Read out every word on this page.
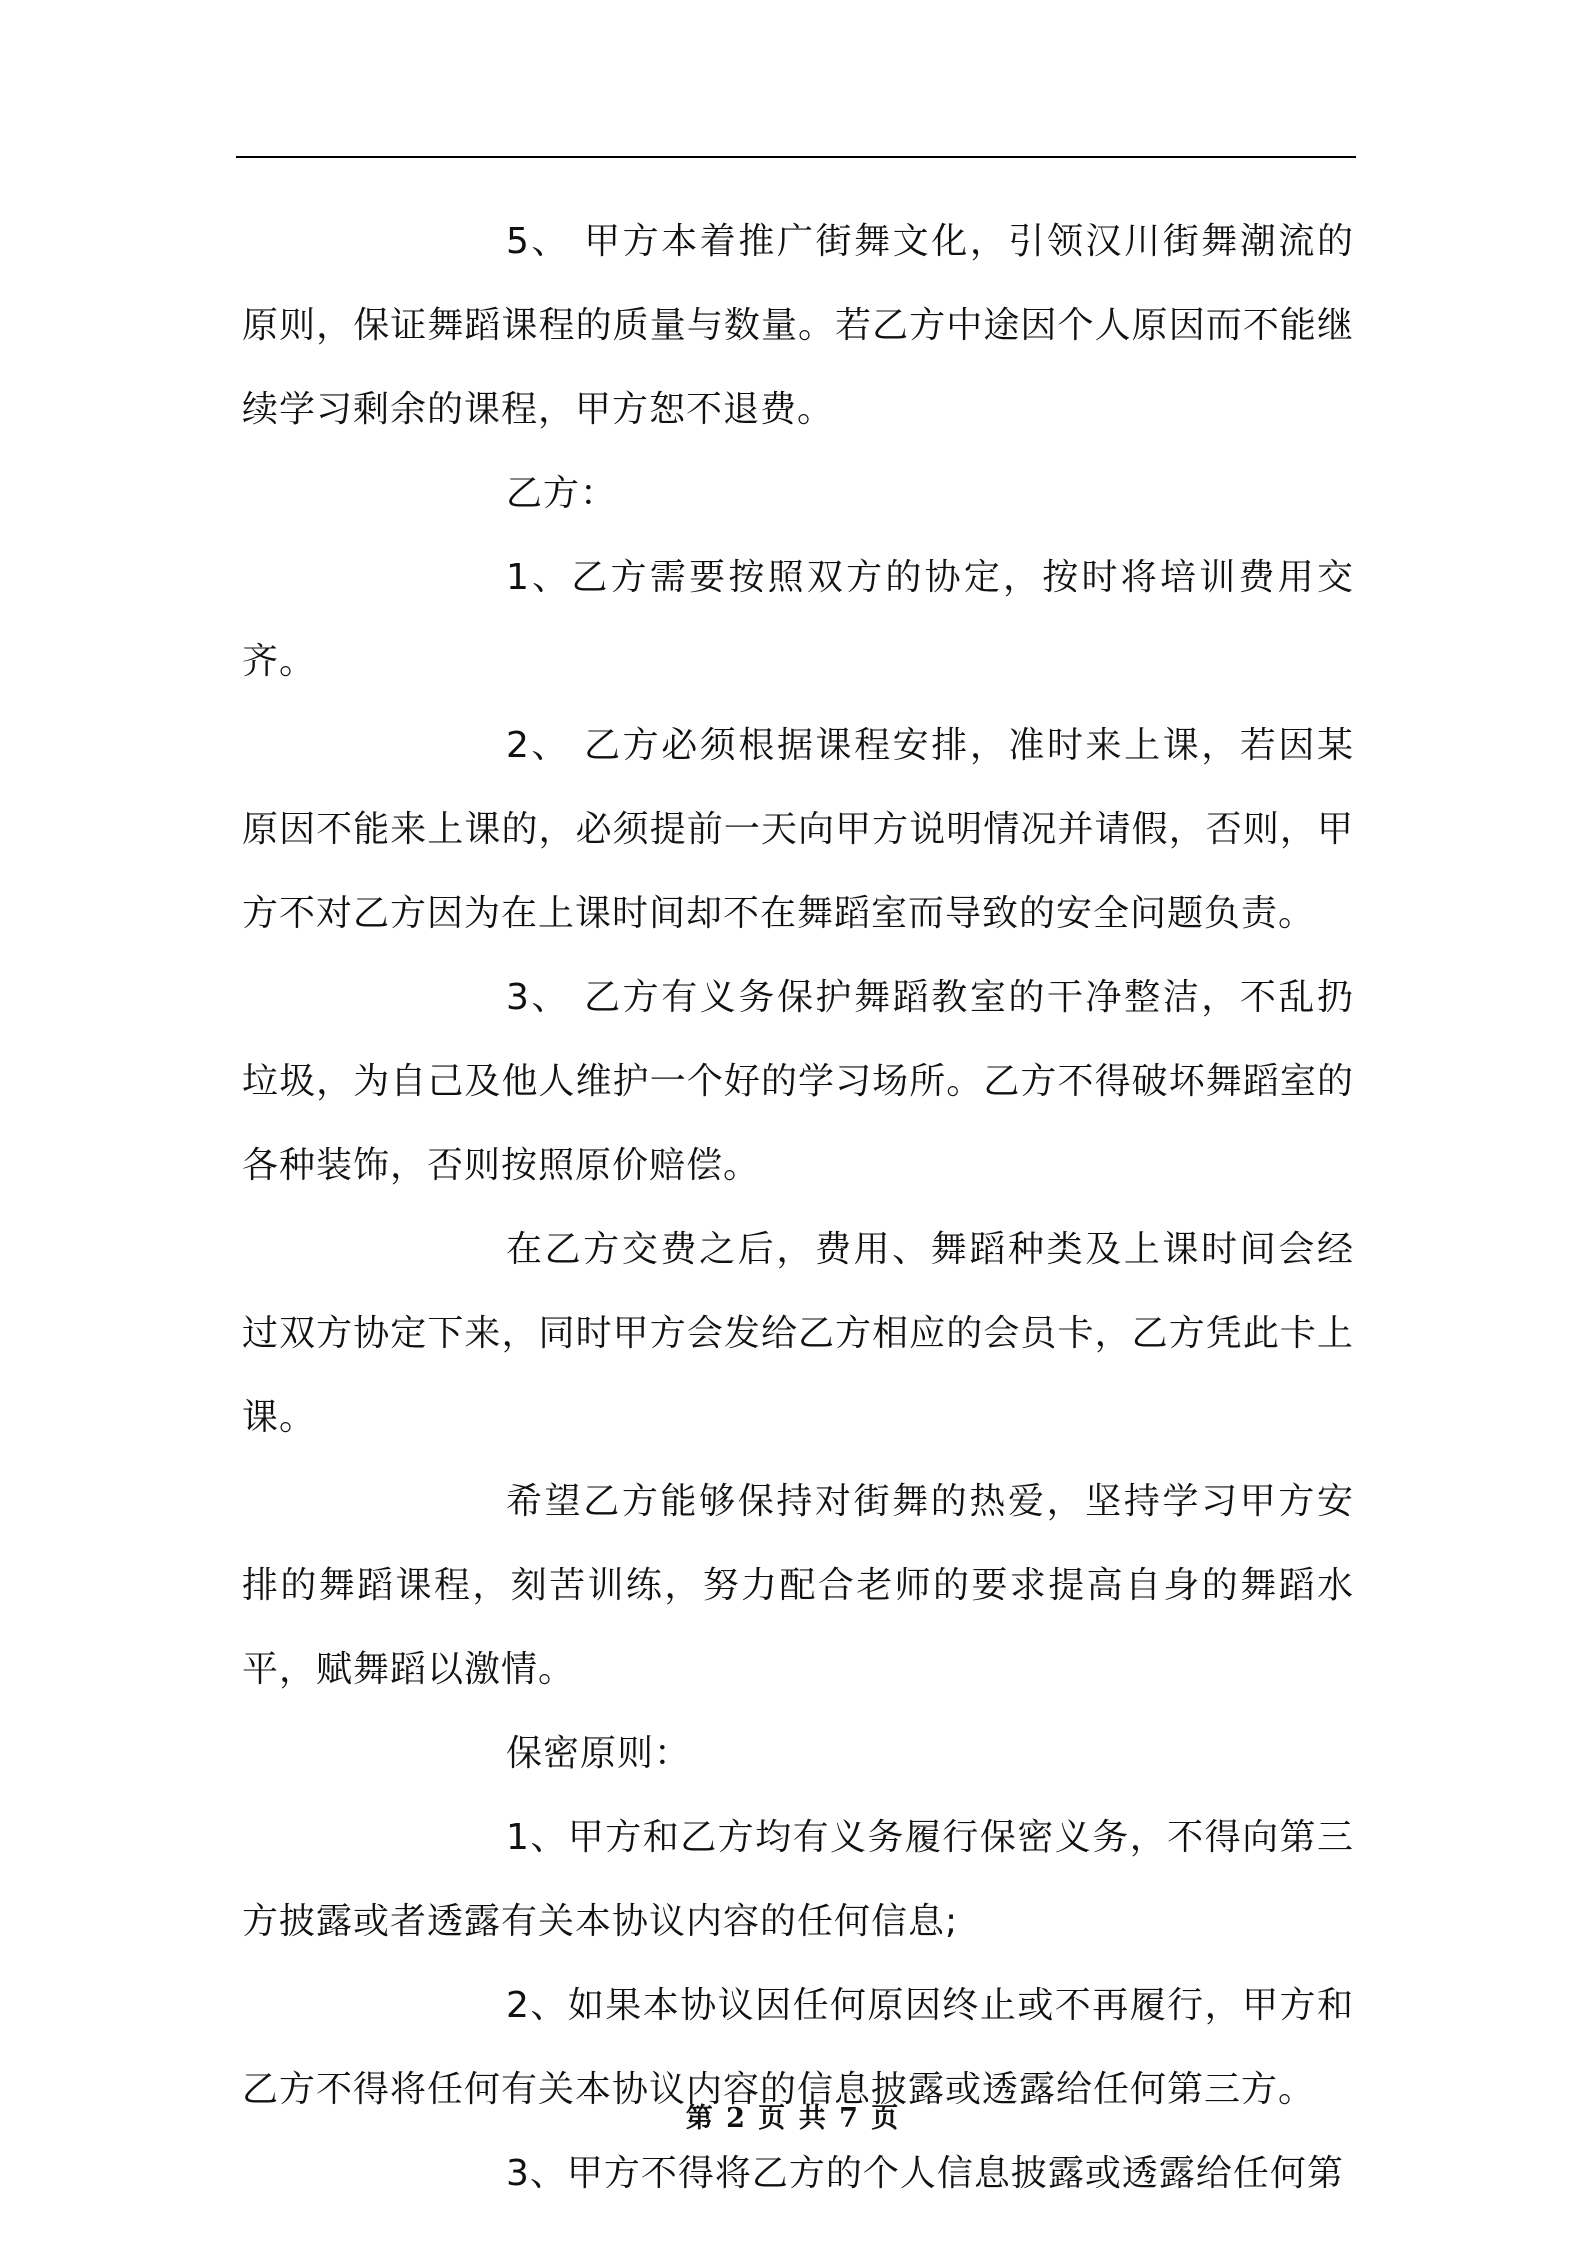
5、 甲方本着推广街舞文化，引领汉川街舞潮流的原则，保证舞蹈课程的质量与数量。若乙方中途因个人原因而不能继续学习剩余的课程，甲方恕不退费。

乙方：

1、乙方需要按照双方的协定，按时将培训费用交齐。

2、 乙方必须根据课程安排，准时来上课，若因某原因不能来上课的，必须提前一天向甲方说明情况并请假，否则，甲方不对乙方因为在上课时间却不在舞蹈室而导致的安全问题负责。

3、 乙方有义务保护舞蹈教室的干净整洁，不乱扔垃圾，为自己及他人维护一个好的学习场所。乙方不得破坏舞蹈室的各种装饰，否则按照原价赔偿。

在乙方交费之后，费用、舞蹈种类及上课时间会经过双方协定下来，同时甲方会发给乙方相应的会员卡，乙方凭此卡上课。

希望乙方能够保持对街舞的热爱，坚持学习甲方安排的舞蹈课程，刻苦训练，努力配合老师的要求提高自身的舞蹈水平，赋舞蹈以激情。

保密原则：

1、甲方和乙方均有义务履行保密义务，不得向第三方披露或者透露有关本协议内容的任何信息;

2、如果本协议因任何原因终止或不再履行，甲方和乙方不得将任何有关本协议内容的信息披露或透露给任何第三方。

3、甲方不得将乙方的个人信息披露或透露给任何第

第 2 页 共 7 页
